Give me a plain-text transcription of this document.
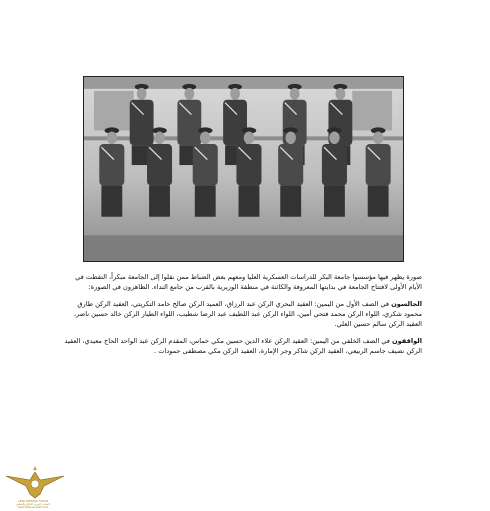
صورة يظهر فيها مؤسسوا جامعة البكر للدراسات العسكرية العليا ومعهم بعض الضباط ممن نقلوا إلى الجامعة مبكراً، التقطت في الأيام الأولى لافتتاح الجامعة في بدايتها المعروفة والكائنة في منطقة الوزيرية بالقرب من جامع النداء. الظاهرون في الصورة:

الجالسون في الصف الأول من اليمين: العقيد البحري الركن عبد الرزاق، العميد الركن صالح حامد التكريتي، العقيد الركن طارق محمود شكري، اللواء الركن محمد فتحي أمين، اللواء الركن عبد اللطيف عبد الرضا شطيب، اللواء الطيار الركن خالد حسين ناصر، العقيد الركن سالم حسين العلي.

الواقفون في الصف الخلفي من اليمين: العقيد الركن علاء الدين حسين مكي خماس، المقدم الركن عبد الواحد الحاج معيدي، العقيد الركن نصيف جاسم الربيعي، العقيد الركن شاكر وجر الإمارة، العقيد الركن مكي مصطفى حمودات .

ARAB DEFENSE FORUM
المنتدى العربي للدفاع والتسليح
www.defense-arab.com
